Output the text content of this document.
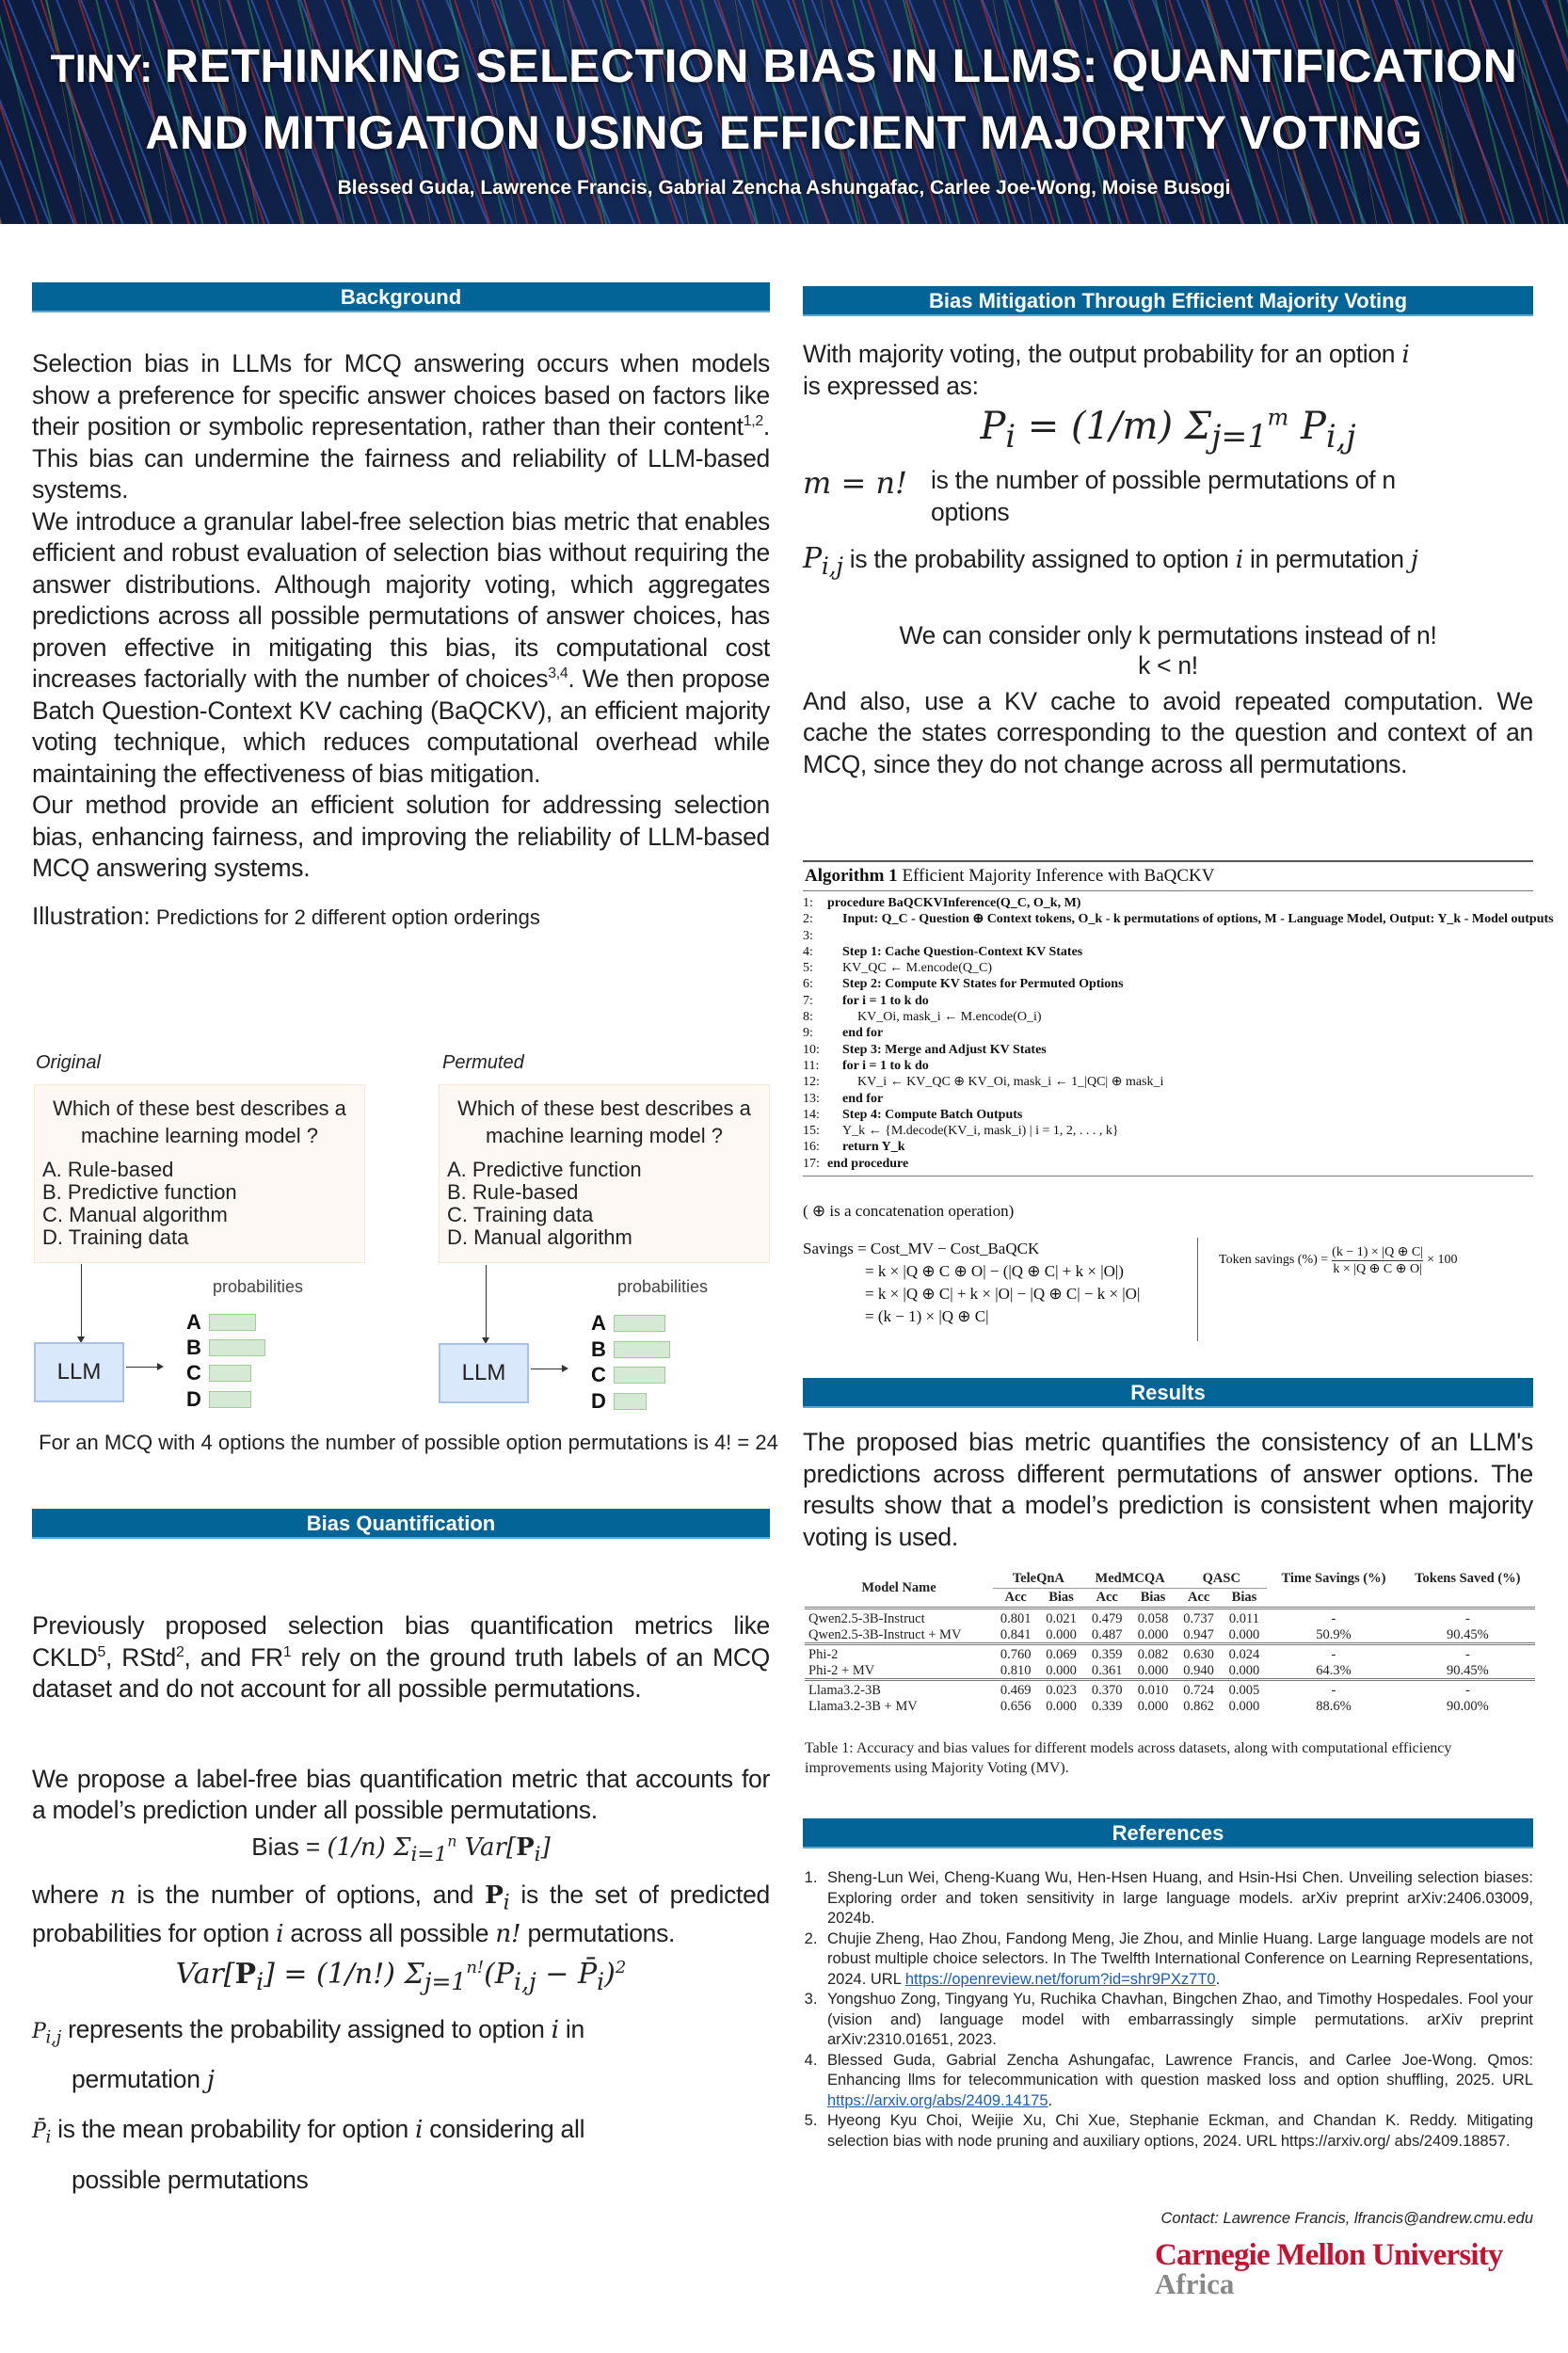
TINY: RETHINKING SELECTION BIAS IN LLMS: QUANTIFICATION
AND MITIGATION USING EFFICIENT MAJORITY VOTING
Blessed Guda, Lawrence Francis, Gabrial Zencha Ashungafac, Carlee Joe-Wong, Moise Busogi
Background

Selection bias in LLMs for MCQ answering occurs when models show a preference for specific answer choices based on factors like their position or symbolic representation, rather than their content$^{1,2}$. This bias can undermine the fairness and reliability of LLM-based systems.

We introduce a granular label-free selection bias metric that enables efficient and robust evaluation of selection bias without requiring the answer distributions. Although majority voting, which aggregates predictions across all possible permutations of answer choices, has proven effective in mitigating this bias, its computational cost increases factorially with the number of choices$^{3,4}$. We then propose Batch Question-Context KV caching (BaQCKV), an efficient majority voting technique, which reduces computational overhead while maintaining the effectiveness of bias mitigation.

Our method provide an efficient solution for addressing selection bias, enhancing fairness, and improving the reliability of LLM-based MCQ answering systems.

Illustration: Predictions for 2 different option orderings
Original
Which of these best describes a machine learning model ?
A. Rule-based
B. Predictive function
C. Manual algorithm
D. Training data
LLM
probabilities
A
B
C
D
Permuted
Which of these best describes a machine learning model ?
A. Predictive function
B. Rule-based
C. Training data
D. Manual algorithm
LLM
probabilities
A
B
C
D
For an MCQ with 4 options the number of possible option permutations is 4! = 24
Bias Quantification
Previously proposed selection bias quantification metrics like CKLD$^5$, RStd$^2$, and $FR^1$ rely on the ground truth labels of an MCQ dataset and do not account for all possible permutations.
We propose a label-free bias quantification metric that accounts for a model’s prediction under all possible permutations.
Bias = (1/n) $\Sigma_{i=1}^n$ $Var[P_i]$
where n is the number of options, and $P_i$ is the set of predicted probabilities for option i across all possible n! permutations.
$Var[P_i] = (1/n!) \Sigma_{j=1}^{n!}(P_{i,j}$ − $P̄_i)^2$
$P_{i,j}$ represents the probability assigned to option i in
permutation j
$P̄_i$ is the mean probability for option i considering all
possible permutations
Bias Mitigation Through Efficient Majority Voting
With majority voting, the output probability for an option i
is expressed as:
$P_i = (1/m)$ $\Sigma_{j=1}^m$ $P_{i,j}$
m = n! is the number of possible permutations of n options
$P_{i,j}$ is the probability assigned to option i in permutation j
We can consider only k permutations instead of n!
k < n!
And also, use a KV cache to avoid repeated computation. We cache the states corresponding to the question and context of an MCQ, since they do not change across all permutations.
Algorithm 1 Efficient Majority Inference with BaQCKV
1: procedure BaQCKVInference(Q_C, O_k, M)
2: Input: Q_C - Question ⊕ Context tokens, O_k - k permutations of options, M - Language Model, Output: Y_k - Model outputs
3:
4: Step 1: Cache Question-Context KV States
5: KV_QC ← M.encode(Q_C)
6: Step 2: Compute KV States for Permuted Options
7: for i = 1 to k do
8:	KV_Oi, mask_i ← M.encode(O_i)
9: end for
10: Step 3: Merge and Adjust KV States
11: for i = 1 to k do
12:	KV_i ← KV_QC ⊕ KV_Oi, mask_i ← 1_|QC| ⊕ mask_i
13: end for
14: Step 4: Compute Batch Outputs
15: Y_k ← {M.decode(KV_i, mask_i) | i = 1, 2, . . . , k}
16: return Y_k
17: end procedure
( ⊕ is a concatenation operation)
Savings = Cost_MV − Cost_BaQCK
= k × |Q ⊕ C ⊕ O| − (|Q ⊕ C| + k × |O|)
= k × |Q ⊕ C| + k × |O| − |Q ⊕ C| − k × |O|
= (k − 1) × |Q ⊕ C|
Token savings (%) = $\frac{(k - 1) \times |Q \oplus C|}{k \times |Q \oplus C \oplus O|} \times 100$
Results
The proposed bias metric quantifies the consistency of an LLM's predictions across different permutations of answer options. The results show that a model’s prediction is consistent when majority voting is used.
Model Name	TeleQnA		MedMCQA		QASC		Time Savings (%)	Tokens Saved (%)
	Acc	Bias	Acc	Bias	Acc	Bias		
Qwen2.5-3B-Instruct	0.801	0.021	0.479	0.058	0.737	0.011	-	-
Qwen2.5-3B-Instruct + MV	0.841	0.000	0.487	0.000	0.947	0.000	50.9%	90.45%
Phi-2	0.760	0.069	0.359	0.082	0.630	0.024	-	-
Phi-2 + MV	0.810	0.000	0.361	0.000	0.940	0.000	64.3%	90.45%
Llama3.2-3B	0.469	0.023	0.370	0.010	0.724	0.005	-	-
Llama3.2-3B + MV	0.656	0.000	0.339	0.000	0.862	0.000	88.6%	90.00%
Table 1: Accuracy and bias values for different models across datasets, along with computational efficiency improvements using Majority Voting (MV).
References
1. Sheng-Lun Wei, Cheng-Kuang Wu, Hen-Hsen Huang, and Hsin-Hsi Chen. Unveiling selection biases: Exploring order and token sensitivity in large language models. arXiv preprint arXiv:2406.03009, 2024b.
2. Chujie Zheng, Hao Zhou, Fandong Meng, Jie Zhou, and Minlie Huang. Large language models are not robust multiple choice selectors. In The Twelfth International Conference on Learning Representations, 2024. URL https://openreview.net/forum?id=shr9PXz7T0.
3. Yongshuo Zong, Tingyang Yu, Ruchika Chavhan, Bingchen Zhao, and Timothy Hospedales. Fool your (vision and) language model with embarrassingly simple permutations. arXiv preprint arXiv:2310.01651, 2023.
4. Blessed Guda, Gabrial Zencha Ashungafac, Lawrence Francis, and Carlee Joe-Wong. Qmos: Enhancing llms for telecommunication with question masked loss and option shuffling, 2025. URL https://arxiv.org/abs/2409.14175.
5. Hyeong Kyu Choi, Weijie Xu, Chi Xue, Stephanie Eckman, and Chandan K. Reddy. Mitigating selection bias with node pruning and auxiliary options, 2024. URL https://arxiv.org/ abs/2409.18857.
Contact: Lawrence Francis, lfrancis@andrew.cmu.edu
Carnegie Mellon University
Africa
